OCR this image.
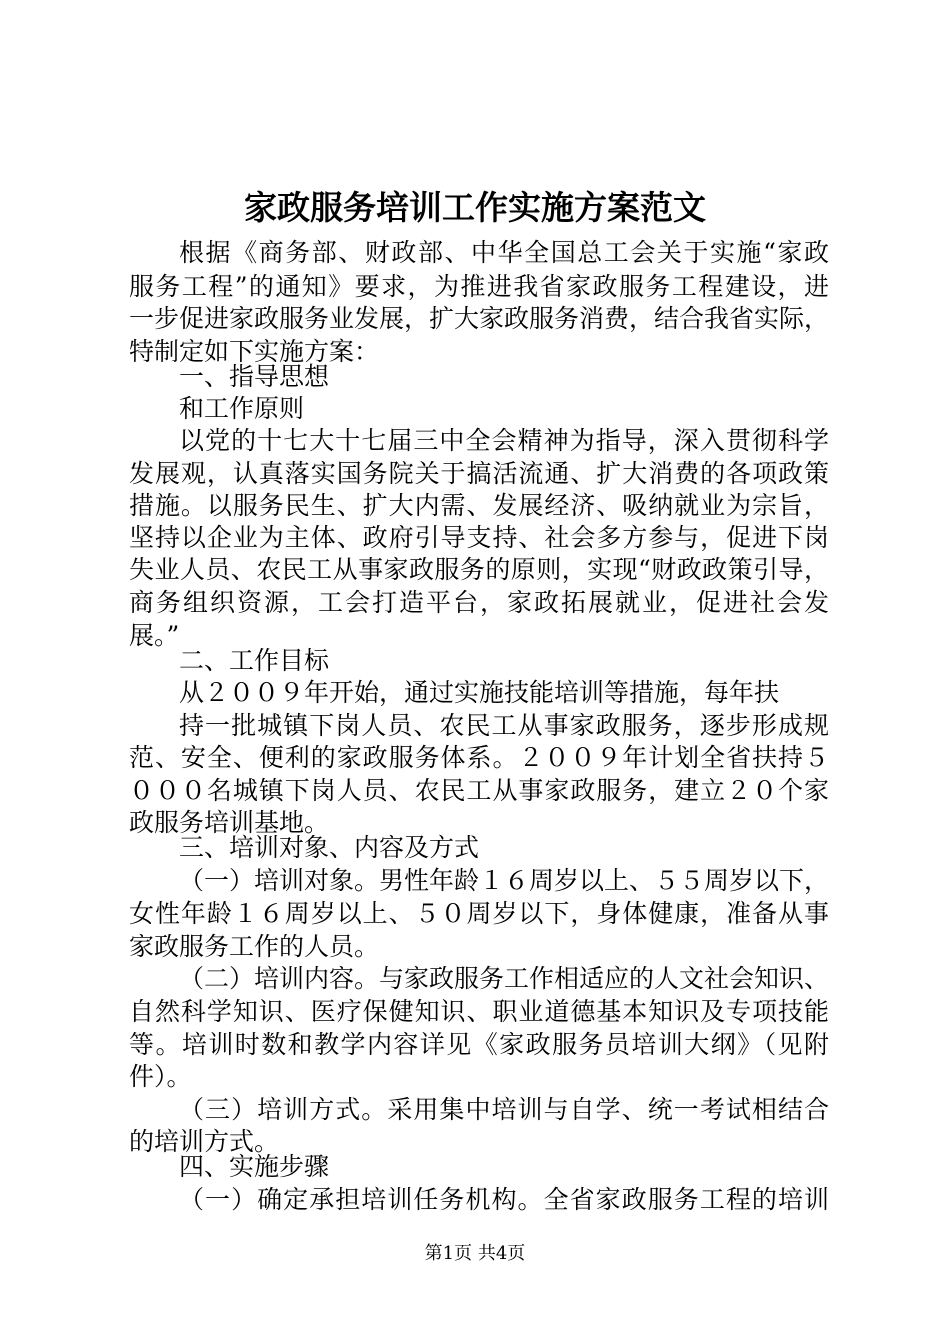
家政服务培训工作实施方案范文
根据《商务部、财政部、中华全国总工会关于实施“家政
服务工程”的通知》要求，为推进我省家政服务工程建设，进
一步促进家政服务业发展，扩大家政服务消费，结合我省实际，
特制定如下实施方案：
一、指导思想
和工作原则
以党的十七大十七届三中全会精神为指导，深入贯彻科学
发展观，认真落实国务院关于搞活流通、扩大消费的各项政策
措施。以服务民生、扩大内需、发展经济、吸纳就业为宗旨，
坚持以企业为主体、政府引导支持、社会多方参与，促进下岗
失业人员、农民工从事家政服务的原则，实现“财政政策引导，
商务组织资源，工会打造平台，家政拓展就业，促进社会发
展。”
二、工作目标
从２００９年开始，通过实施技能培训等措施，每年扶
持一批城镇下岗人员、农民工从事家政服务，逐步形成规
范、安全、便利的家政服务体系。２００９年计划全省扶持５
０００名城镇下岗人员、农民工从事家政服务，建立２０个家
政服务培训基地。
三、培训对象、内容及方式
（一）培训对象。男性年龄１６周岁以上、５５周岁以下，
女性年龄１６周岁以上、５０周岁以下，身体健康，准备从事
家政服务工作的人员。
（二）培训内容。与家政服务工作相适应的人文社会知识、
自然科学知识、医疗保健知识、职业道德基本知识及专项技能
等。培训时数和教学内容详见《家政服务员培训大纲》（见附
件）。
（三）培训方式。采用集中培训与自学、统一考试相结合
的培训方式。
四、实施步骤
（一）确定承担培训任务机构。全省家政服务工程的培训
第1页 共4页
